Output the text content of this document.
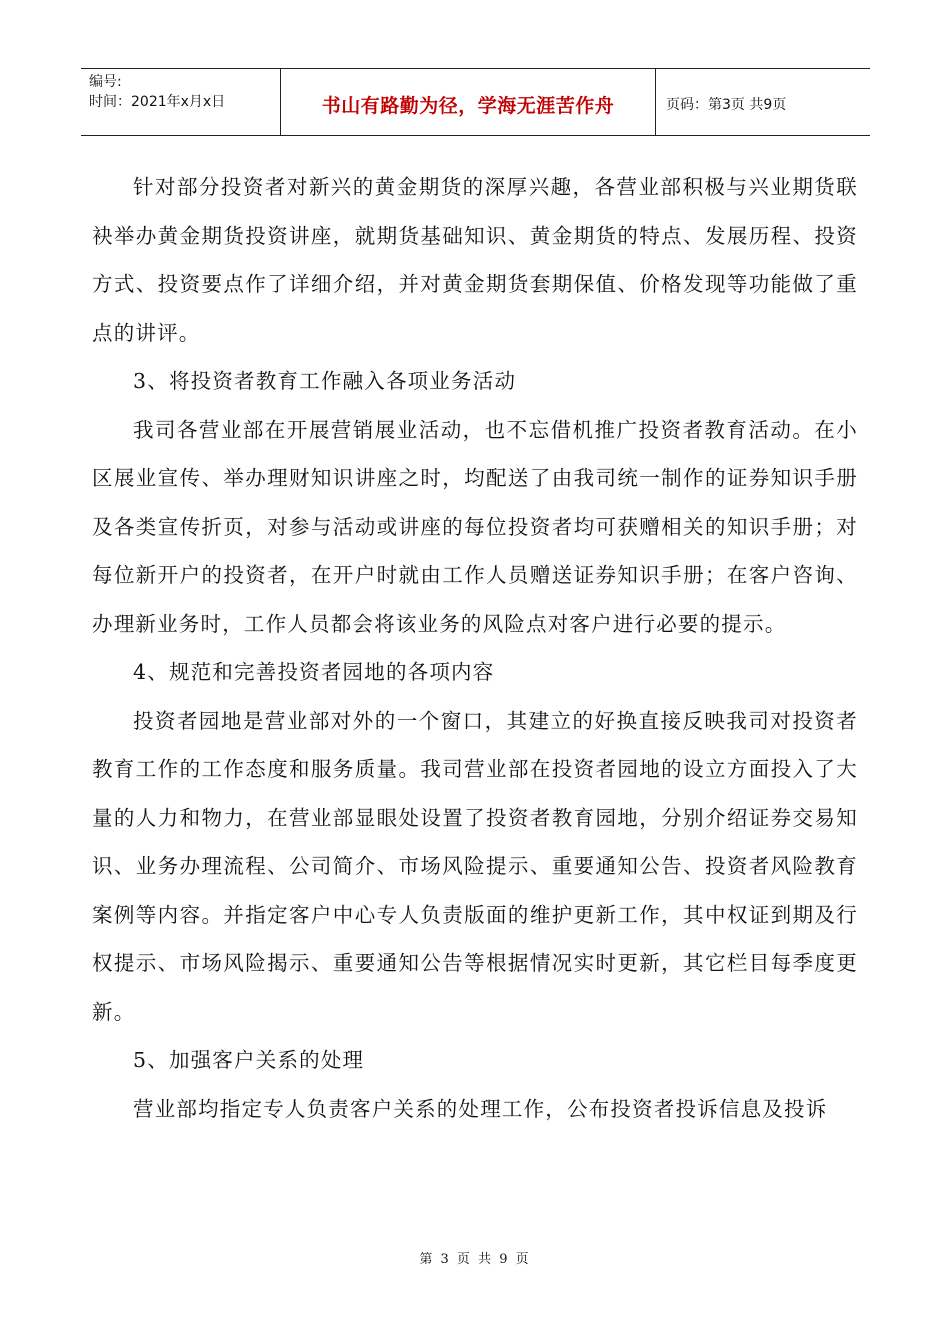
编号:
时间：2021年x月x日	书山有路勤为径，学海无涯苦作舟	页码：第3页 共9页

针对部分投资者对新兴的黄金期货的深厚兴趣，各营业部积极与兴业期货联袂举办黄金期货投资讲座，就期货基础知识、黄金期货的特点、发展历程、投资方式、投资要点作了详细介绍，并对黄金期货套期保值、价格发现等功能做了重点的讲评。

3、将投资者教育工作融入各项业务活动

我司各营业部在开展营销展业活动，也不忘借机推广投资者教育活动。在小区展业宣传、举办理财知识讲座之时，均配送了由我司统一制作的证券知识手册及各类宣传折页，对参与活动或讲座的每位投资者均可获赠相关的知识手册；对每位新开户的投资者，在开户时就由工作人员赠送证券知识手册；在客户咨询、办理新业务时，工作人员都会将该业务的风险点对客户进行必要的提示。

4、规范和完善投资者园地的各项内容

投资者园地是营业部对外的一个窗口，其建立的好换直接反映我司对投资者教育工作的工作态度和服务质量。我司营业部在投资者园地的设立方面投入了大量的人力和物力，在营业部显眼处设置了投资者教育园地，分别介绍证券交易知识、业务办理流程、公司简介、市场风险提示、重要通知公告、投资者风险教育案例等内容。并指定客户中心专人负责版面的维护更新工作，其中权证到期及行权提示、市场风险揭示、重要通知公告等根据情况实时更新，其它栏目每季度更新。

5、加强客户关系的处理

营业部均指定专人负责客户关系的处理工作，公布投资者投诉信息及投诉

第 3 页 共 9 页
